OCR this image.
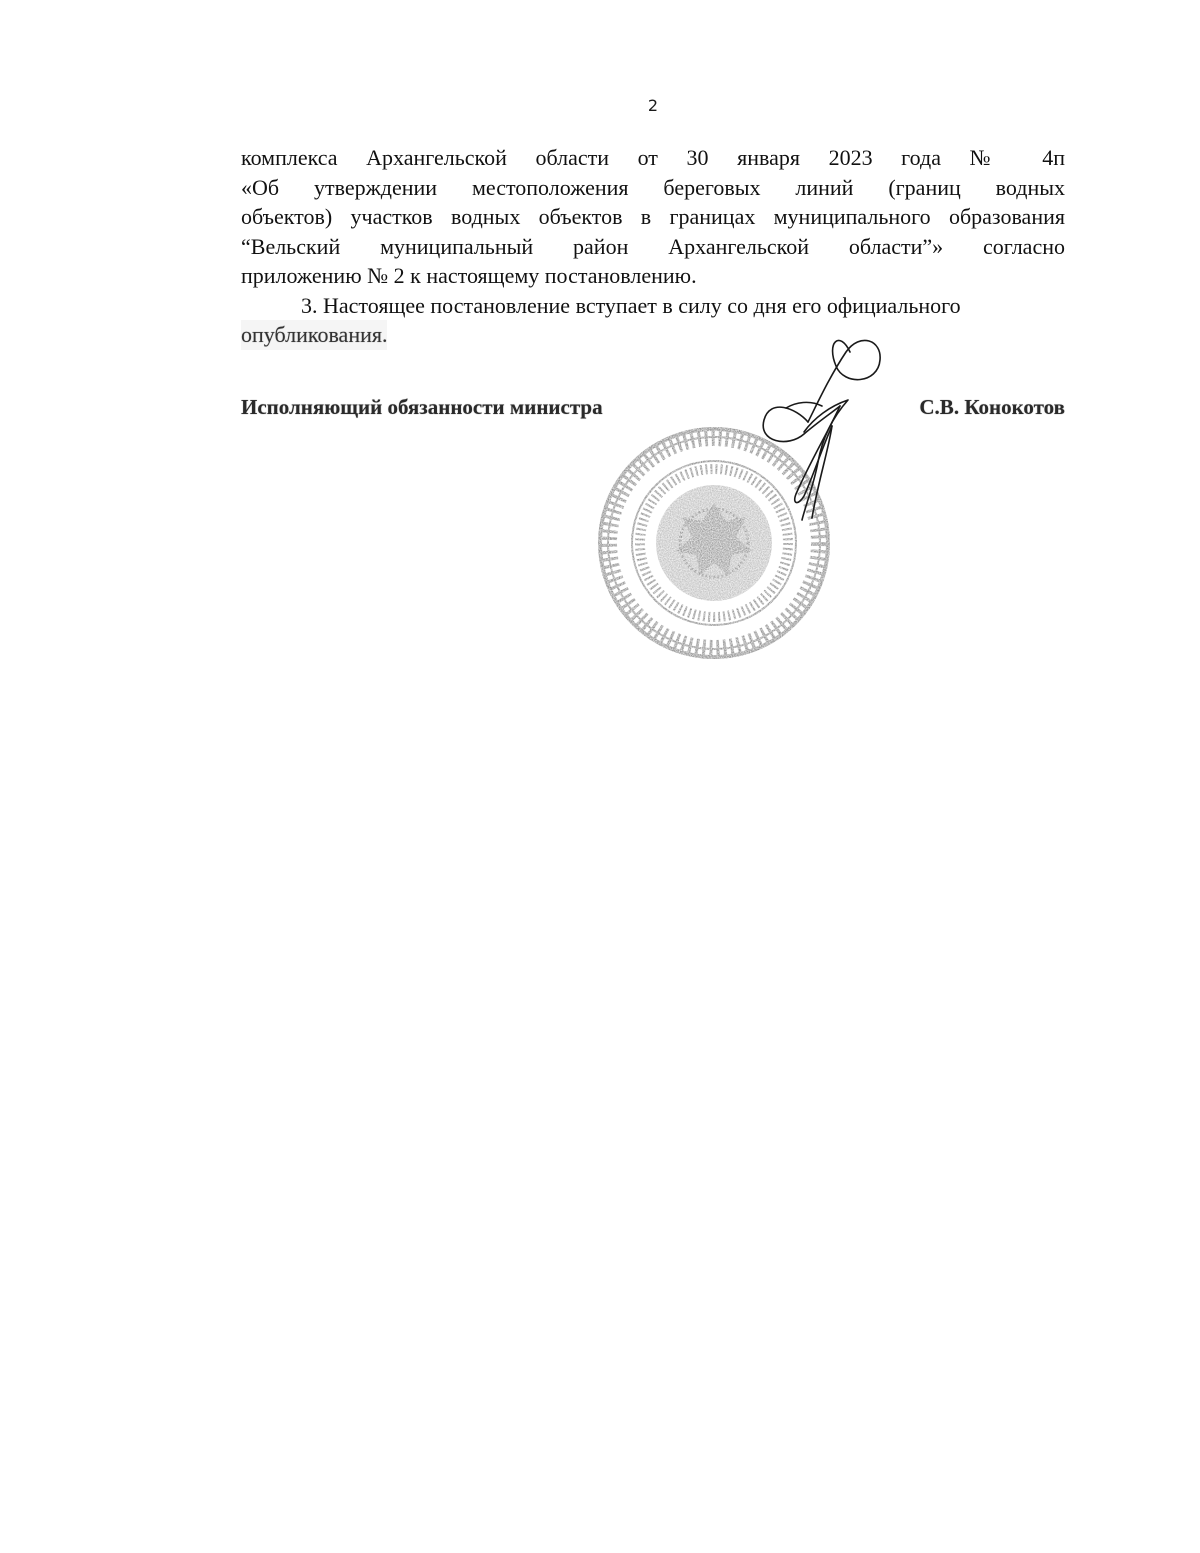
2

комплекса Архангельской области от 30 января 2023 года № 4п
«Об утверждении местоположения береговых линий (границ водных
объектов) участков водных объектов в границах муниципального образования
“Вельский муниципальный район Архангельской области”» согласно
приложению № 2 к настоящему постановлению.

3. Настоящее постановление вступает в силу со дня его официального
опубликования.

Исполняющий обязанности министра	С.В. Конокотов
